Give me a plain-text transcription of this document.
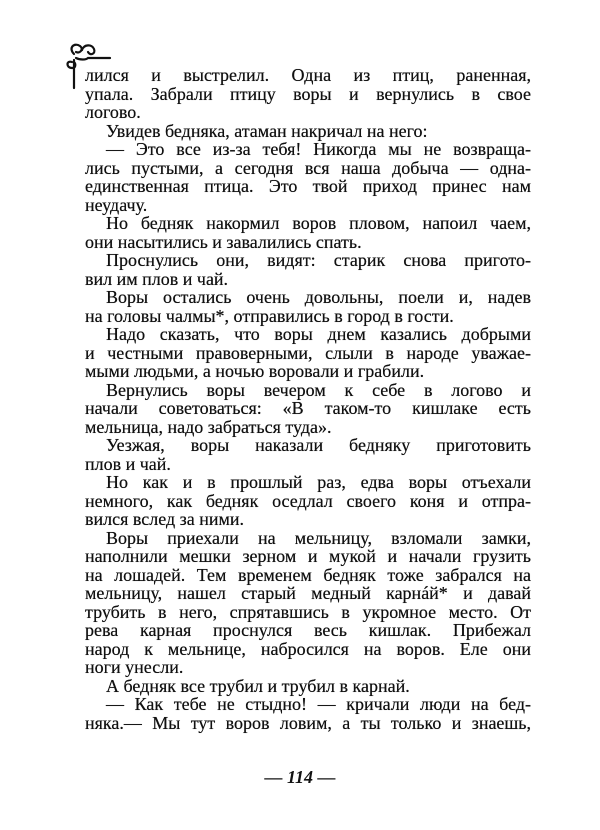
лился и выстрелил. Одна из птиц, раненная,
упала. Забрали птицу воры и вернулись в свое
логово.
Увидев бедняка, атаман накричал на него:
— Это все из-за тебя! Никогда мы не возвраща-
лись пустыми, а сегодня вся наша добыча — одна-
единственная птица. Это твой приход принес нам
неудачу.
Но бедняк накормил воров пловом, напоил чаем,
они насытились и завалились спать.
Проснулись они, видят: старик снова пригото-
вил им плов и чай.
Воры остались очень довольны, поели и, надев
на головы чалмы*, отправились в город в гости.
Надо сказать, что воры днем казались добрыми
и честными правоверными, слыли в народе уважае-
мыми людьми, а ночью воровали и грабили.
Вернулись воры вечером к себе в логово и
начали советоваться: «В таком-то кишлаке есть
мельница, надо забраться туда».
Уезжая, воры наказали бедняку приготовить
плов и чай.
Но как и в прошлый раз, едва воры отъехали
немного, как бедняк оседлал своего коня и отпра-
вился вслед за ними.
Воры приехали на мельницу, взломали замки,
наполнили мешки зерном и мукой и начали грузить
на лошадей. Тем временем бедняк тоже забрался на
мельницу, нашел старый медный карнáй* и давай
трубить в него, спрятавшись в укромное место. От
рева карная проснулся весь кишлак. Прибежал
народ к мельнице, набросился на воров. Еле они
ноги унесли.
А бедняк все трубил и трубил в карнай.
— Как тебе не стыдно! — кричали люди на бед-
няка.— Мы тут воров ловим, а ты только и знаешь,
— 114 —
